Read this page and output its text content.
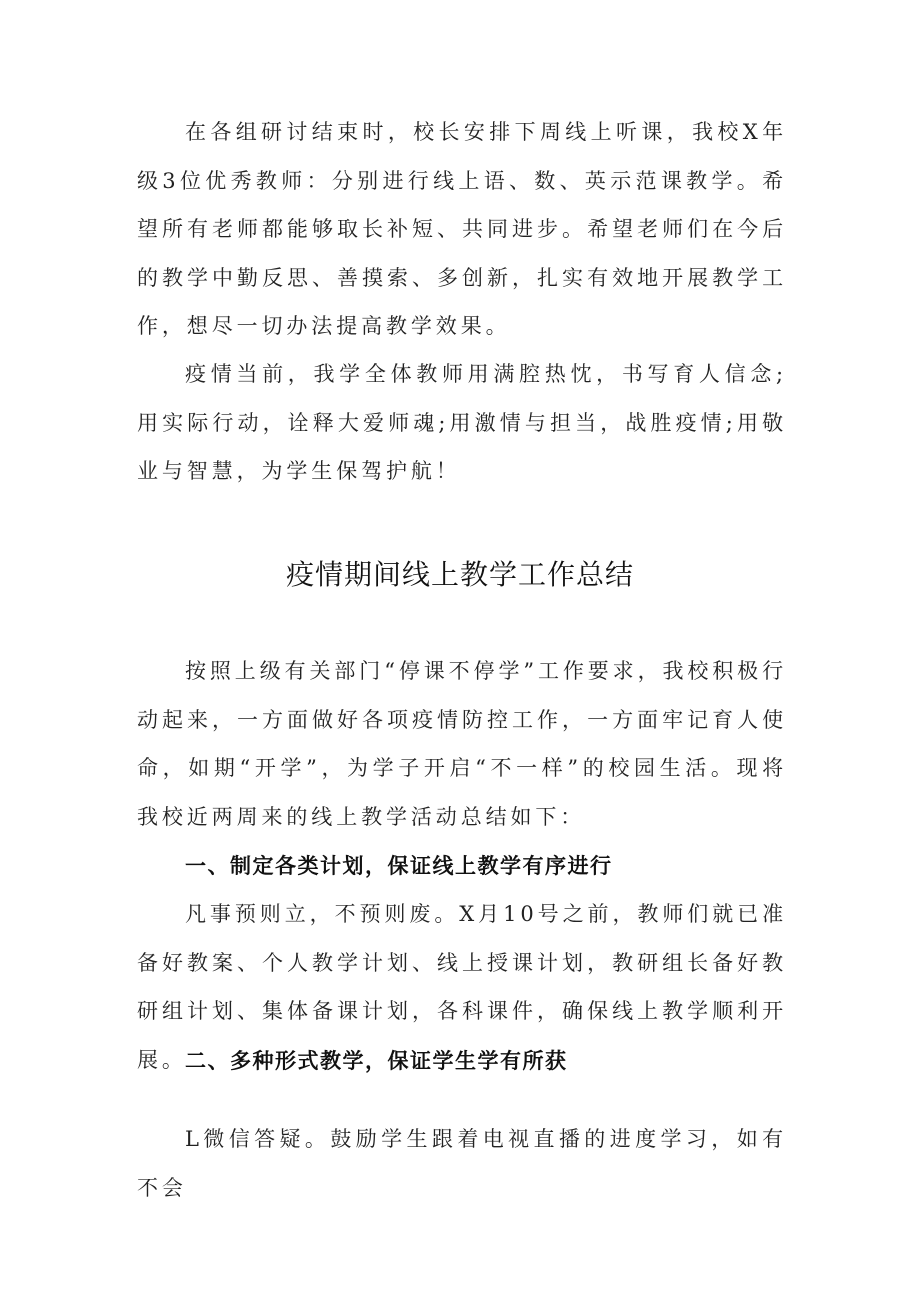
在各组研讨结束时，校长安排下周线上听课，我校X年级3位优秀教师：分别进行线上语、数、英示范课教学。希望所有老师都能够取长补短、共同进步。希望老师们在今后的教学中勤反思、善摸索、多创新，扎实有效地开展教学工作，想尽一切办法提高教学效果。

疫情当前，我学全体教师用满腔热忱，书写育人信念;用实际行动，诠释大爱师魂;用激情与担当，战胜疫情;用敬业与智慧，为学生保驾护航！

疫情期间线上教学工作总结

按照上级有关部门“停课不停学”工作要求，我校积极行动起来，一方面做好各项疫情防控工作，一方面牢记育人使命，如期“开学”，为学子开启“不一样”的校园生活。现将我校近两周来的线上教学活动总结如下：

一、制定各类计划，保证线上教学有序进行

凡事预则立，不预则废。X月10号之前，教师们就已准备好教案、个人教学计划、线上授课计划，教研组长备好教研组计划、集体备课计划，各科课件，确保线上教学顺利开展。

二、多种形式教学，保证学生学有所获

L微信答疑。鼓励学生跟着电视直播的进度学习，如有不会
